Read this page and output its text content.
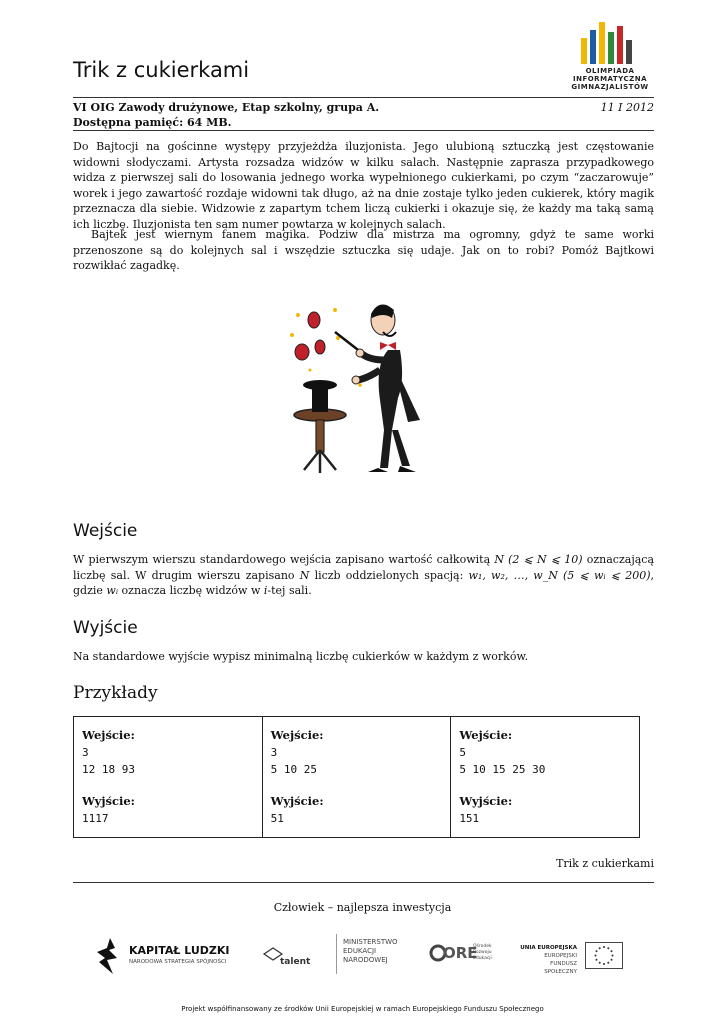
Trik z cukierkami	OLIMPIADA
INFORMATYCZNA
GIMNAZJALISTÓW
VI OIG Zawody drużynowe, Etap szkolny, grupa A.	11 I 2012
Dostępna pamięć: 64 MB.
Do Bajtocji na gościnne występy przyjeżdża iluzjonista. Jego ulubioną sztuczką jest częstowanie widowni słodyczami. Artysta rozsadza widzów w kilku salach. Następnie zaprasza przypadkowego widza z pierwszej sali do losowania jednego worka wypełnionego cukierkami, po czym “zaczarowuje” worek i jego zawartość rozdaje widowni tak długo, aż na dnie zostaje tylko jeden cukierek, który magik przeznacza dla siebie. Widzowie z zapartym tchem liczą cukierki i okazuje się, że każdy ma taką samą ich liczbę. Iluzjonista ten sam numer powtarza w kolejnych salach.
Bajtek jest wiernym fanem magika. Podziw dla mistrza ma ogromny, gdyż te same worki przenoszone są do kolejnych sal i wszędzie sztuczka się udaje. Jak on to robi? Pomóż Bajtkowi rozwikłać zagadkę.
Wejście
W pierwszym wierszu standardowego wejścia zapisano wartość całkowitą N (2 ⩽ N ⩽ 10) oznaczającą liczbę sal. W drugim wierszu zapisano N liczb oddzielonych spacją: w₁, w₂, …, w_N (5 ⩽ wᵢ ⩽ 200), gdzie wᵢ oznacza liczbę widzów w i-tej sali.
Wyjście
Na standardowe wyjście wypisz minimalną liczbę cukierków w każdym z worków.
Przykłady
Wejście:
3
12 18 93
Wyjście:
1117

Wejście:
3
5 10 25
Wyjście:
51

Wejście:
5
5 10 15 25 30
Wyjście:
151
Trik z cukierkami
Człowiek – najlepsza inwestycja
KAPITAŁ LUDZKI
NARODOWA STRATEGIA SPÓJNOŚCI	talent
MINISTERSTWO
EDUKACJI
NARODOWEJ	ORE
Ośrodek
Rozwoju
Edukacji
UNIA EUROPEJSKA
EUROPEJSKI
FUNDUSZ SPOŁECZNY
Projekt współfinansowany ze środków Unii Europejskiej w ramach Europejskiego Funduszu Społecznego
